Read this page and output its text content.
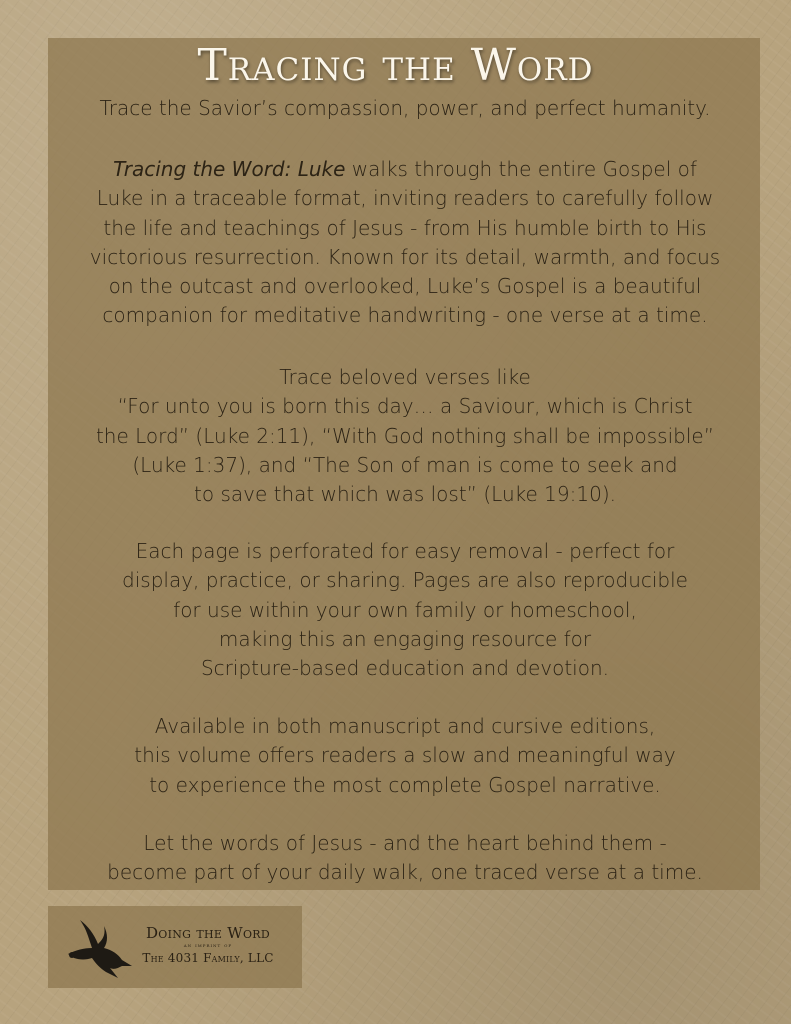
Tracing the Word
Trace the Savior’s compassion, power, and perfect humanity.
Tracing the Word: Luke walks through the entire Gospel of
Luke in a traceable format, inviting readers to carefully follow
the life and teachings of Jesus - from His humble birth to His
victorious resurrection. Known for its detail, warmth, and focus
on the outcast and overlooked, Luke’s Gospel is a beautiful
companion for meditative handwriting - one verse at a time.
Trace beloved verses like
“For unto you is born this day… a Saviour, which is Christ
the Lord” (Luke 2:11), “With God nothing shall be impossible”
(Luke 1:37), and “The Son of man is come to seek and
to save that which was lost” (Luke 19:10).
Each page is perforated for easy removal - perfect for
display, practice, or sharing. Pages are also reproducible
for use within your own family or homeschool,
making this an engaging resource for
Scripture-based education and devotion.
Available in both manuscript and cursive editions,
this volume offers readers a slow and meaningful way
to experience the most complete Gospel narrative.
Let the words of Jesus - and the heart behind them -
become part of your daily walk, one traced verse at a time.
Doing the Word
an imprint of
The 4031 Family, LLC
